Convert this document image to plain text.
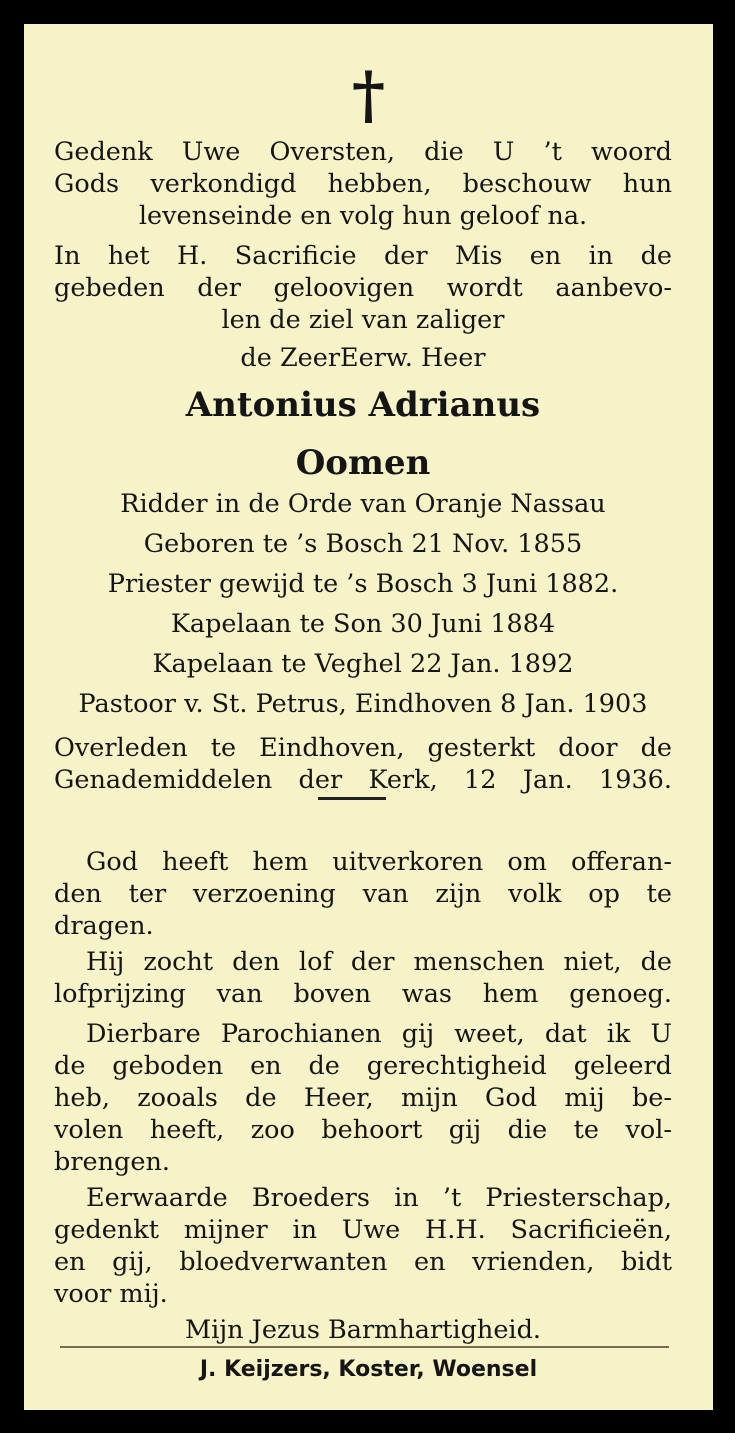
†
Gedenk Uwe Oversten, die U ’t woord
Gods verkondigd hebben, beschouw hun
levenseinde en volg hun geloof na.
In het H. Sacrificie der Mis en in de
gebeden der geloovigen wordt aanbevo-
len de ziel van zaliger
de ZeerEerw. Heer
Antonius Adrianus
Oomen
Ridder in de Orde van Oranje Nassau
Geboren te ’s Bosch 21 Nov. 1855
Priester gewijd te ’s Bosch 3 Juni 1882.
Kapelaan te Son 30 Juni 1884
Kapelaan te Veghel 22 Jan. 1892
Pastoor v. St. Petrus, Eindhoven 8 Jan. 1903
Overleden te Eindhoven, gesterkt door de
Genademiddelen der Kerk, 12 Jan. 1936.
God heeft hem uitverkoren om offeran-
den ter verzoening van zijn volk op te
dragen.
Hij zocht den lof der menschen niet, de
lofprijzing van boven was hem genoeg.
Dierbare Parochianen gij weet, dat ik U
de geboden en de gerechtigheid geleerd
heb, zooals de Heer, mijn God mij be-
volen heeft, zoo behoort gij die te vol-
brengen.
Eerwaarde Broeders in ’t Priesterschap,
gedenkt mijner in Uwe H.H. Sacrificieën,
en gij, bloedverwanten en vrienden, bidt
voor mij.
Mijn Jezus Barmhartigheid.
J. Keijzers, Koster, Woensel
